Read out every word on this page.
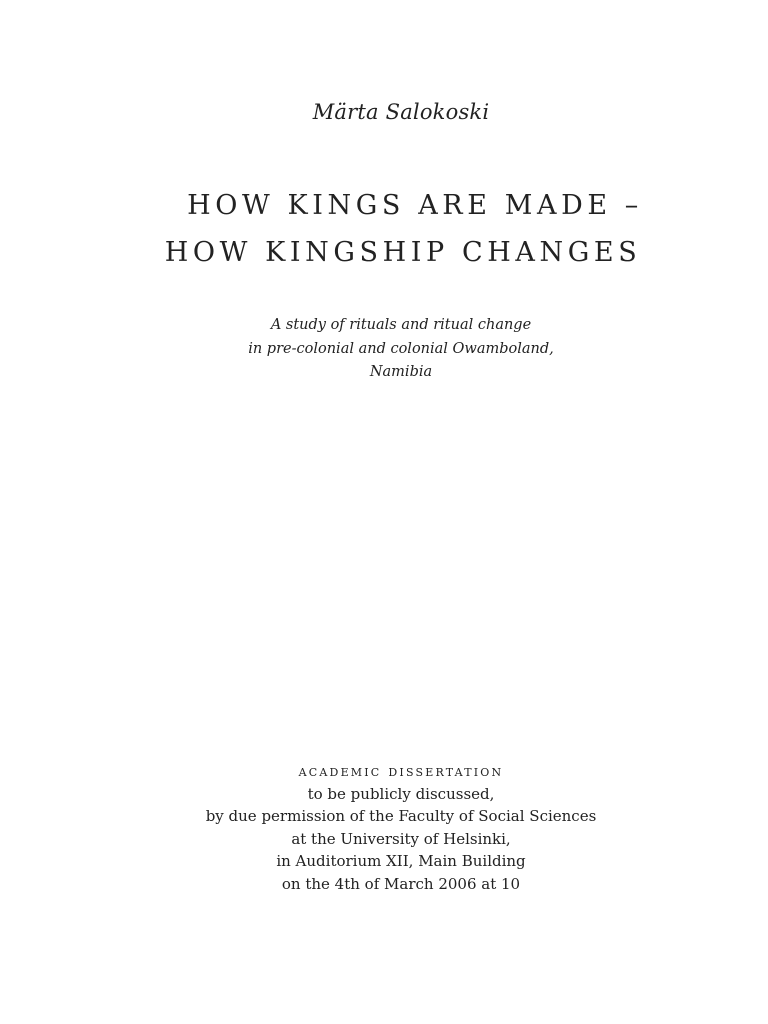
Märta Salokoski
HOW KINGS ARE MADE –
HOW KINGSHIP CHANGES
A study of rituals and ritual change
in pre-colonial and colonial Owamboland,
Namibia
academic dissertation
to be publicly discussed,
by due permission of the Faculty of Social Sciences
at the University of Helsinki,
in Auditorium XII, Main Building
on the 4th of March 2006 at 10
